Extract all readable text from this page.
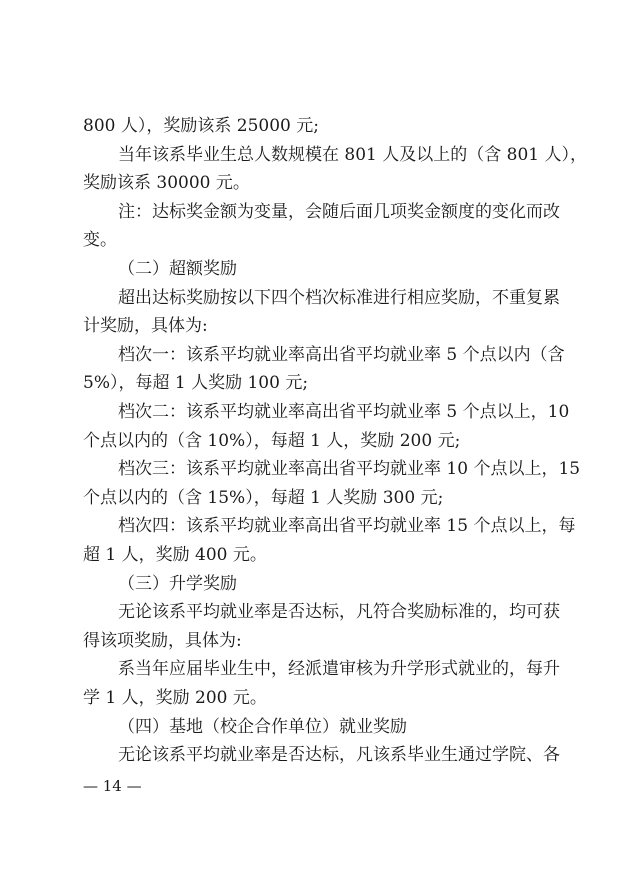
800 人），奖励该系 25000 元;
当年该系毕业生总人数规模在 801 人及以上的（含 801 人），
奖励该系 30000 元。
注：达标奖金额为变量，会随后面几项奖金额度的变化而改
变。
（二）超额奖励
超出达标奖励按以下四个档次标准进行相应奖励，不重复累
计奖励，具体为:
档次一：该系平均就业率高出省平均就业率 5 个点以内（含
5%），每超 1 人奖励 100 元;
档次二：该系平均就业率高出省平均就业率 5 个点以上，10
个点以内的（含 10%），每超 1 人，奖励 200 元;
档次三：该系平均就业率高出省平均就业率 10 个点以上，15
个点以内的（含 15%），每超 1 人奖励 300 元;
档次四：该系平均就业率高出省平均就业率 15 个点以上，每
超 1 人，奖励 400 元。
（三）升学奖励
无论该系平均就业率是否达标，凡符合奖励标准的，均可获
得该项奖励，具体为:
系当年应届毕业生中，经派遣审核为升学形式就业的，每升
学 1 人，奖励 200 元。
（四）基地（校企合作单位）就业奖励
无论该系平均就业率是否达标，凡该系毕业生通过学院、各
— 14 —
